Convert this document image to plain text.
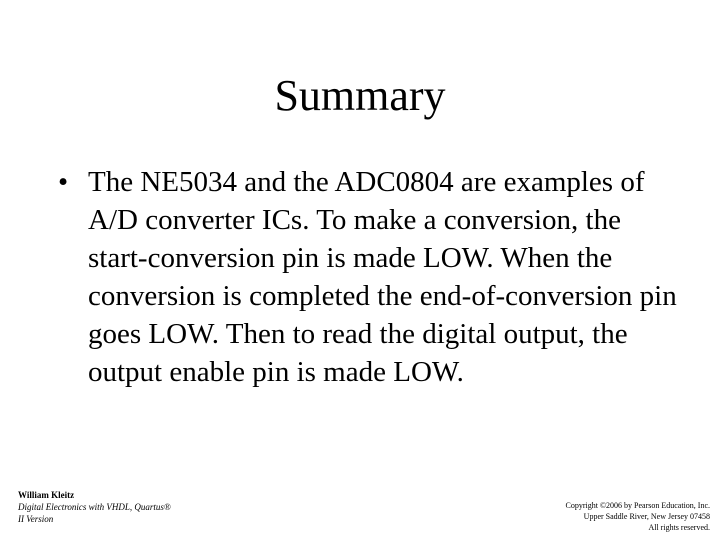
Summary
• The NE5034 and the ADC0804 are examples of A/D converter ICs. To make a conversion, the start-conversion pin is made LOW. When the conversion is completed the end-of-conversion pin goes LOW. Then to read the digital output, the output enable pin is made LOW.
William Kleitz
Digital Electronics with VHDL, Quartus®
II Version
Copyright ©2006 by Pearson Education, Inc.
Upper Saddle River, New Jersey 07458
All rights reserved.
